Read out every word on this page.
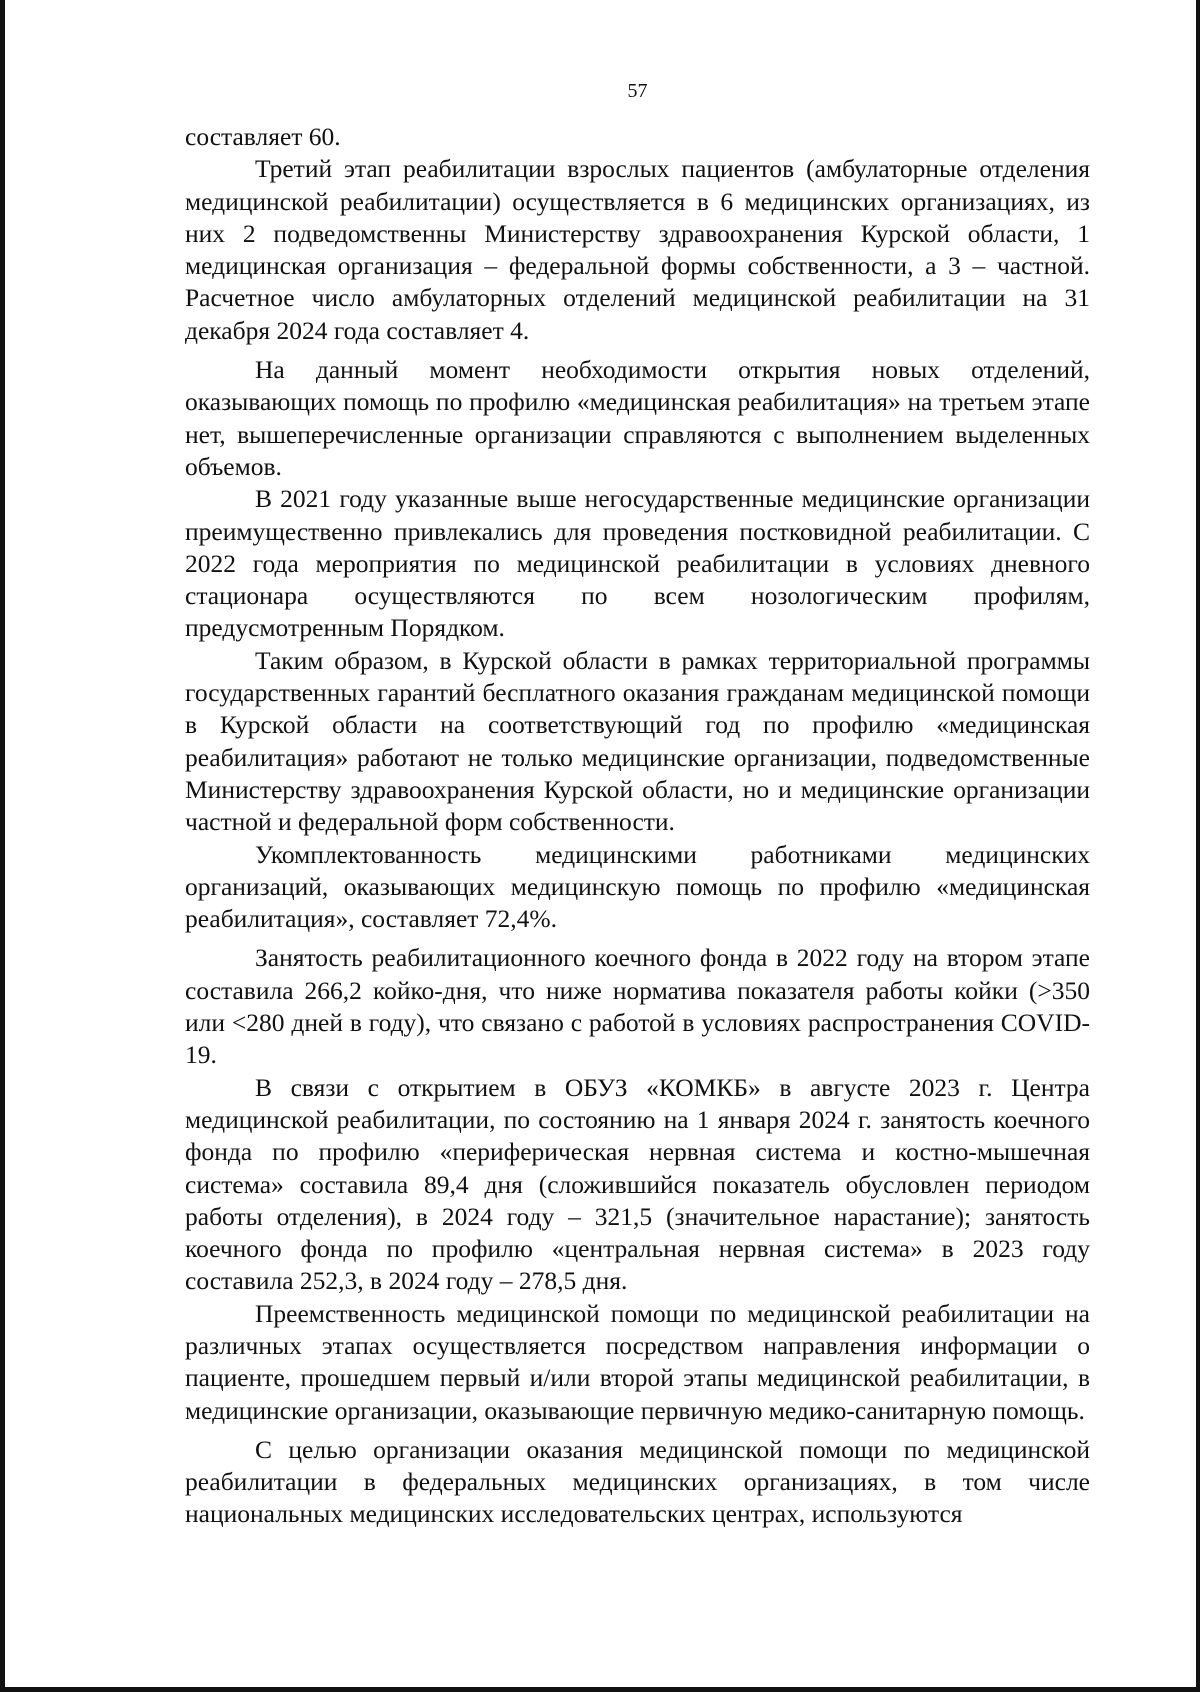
57

составляет 60.

Третий этап реабилитации взрослых пациентов (амбулаторные отделения медицинской реабилитации) осуществляется в 6 медицинских организациях, из них 2 подведомственны Министерству здравоохранения Курской области, 1 медицинская организация – федеральной формы собственности, а 3 – частной. Расчетное число амбулаторных отделений медицинской реабилитации на 31 декабря 2024 года составляет 4.

На данный момент необходимости открытия новых отделений, оказывающих помощь по профилю «медицинская реабилитация» на третьем этапе нет, вышеперечисленные организации справляются с выполнением выделенных объемов.

В 2021 году указанные выше негосударственные медицинские организации преимущественно привлекались для проведения постковидной реабилитации. С 2022 года мероприятия по медицинской реабилитации в условиях дневного стационара осуществляются по всем нозологическим профилям, предусмотренным Порядком.

Таким образом, в Курской области в рамках территориальной программы государственных гарантий бесплатного оказания гражданам медицинской помощи в Курской области на соответствующий год по профилю «медицинская реабилитация» работают не только медицинские организации, подведомственные Министерству здравоохранения Курской области, но и медицинские организации частной и федеральной форм собственности.

Укомплектованность медицинскими работниками медицинских организаций, оказывающих медицинскую помощь по профилю «медицинская реабилитация», составляет 72,4%.

Занятость реабилитационного коечного фонда в 2022 году на втором этапе составила 266,2 койко-дня, что ниже норматива показателя работы койки (>350 или <280 дней в году), что связано с работой в условиях распространения COVID-19.

В связи с открытием в ОБУЗ «КОМКБ» в августе 2023 г. Центра медицинской реабилитации, по состоянию на 1 января 2024 г. занятость коечного фонда по профилю «периферическая нервная система и костно-мышечная система» составила 89,4 дня (сложившийся показатель обусловлен периодом работы отделения), в 2024 году – 321,5 (значительное нарастание); занятость коечного фонда по профилю «центральная нервная система» в 2023 году составила 252,3, в 2024 году – 278,5 дня.

Преемственность медицинской помощи по медицинской реабилитации на различных этапах осуществляется посредством направления информации о пациенте, прошедшем первый и/или второй этапы медицинской реабилитации, в медицинские организации, оказывающие первичную медико-санитарную помощь.

С целью организации оказания медицинской помощи по медицинской реабилитации в федеральных медицинских организациях, в том числе национальных медицинских исследовательских центрах, используются
